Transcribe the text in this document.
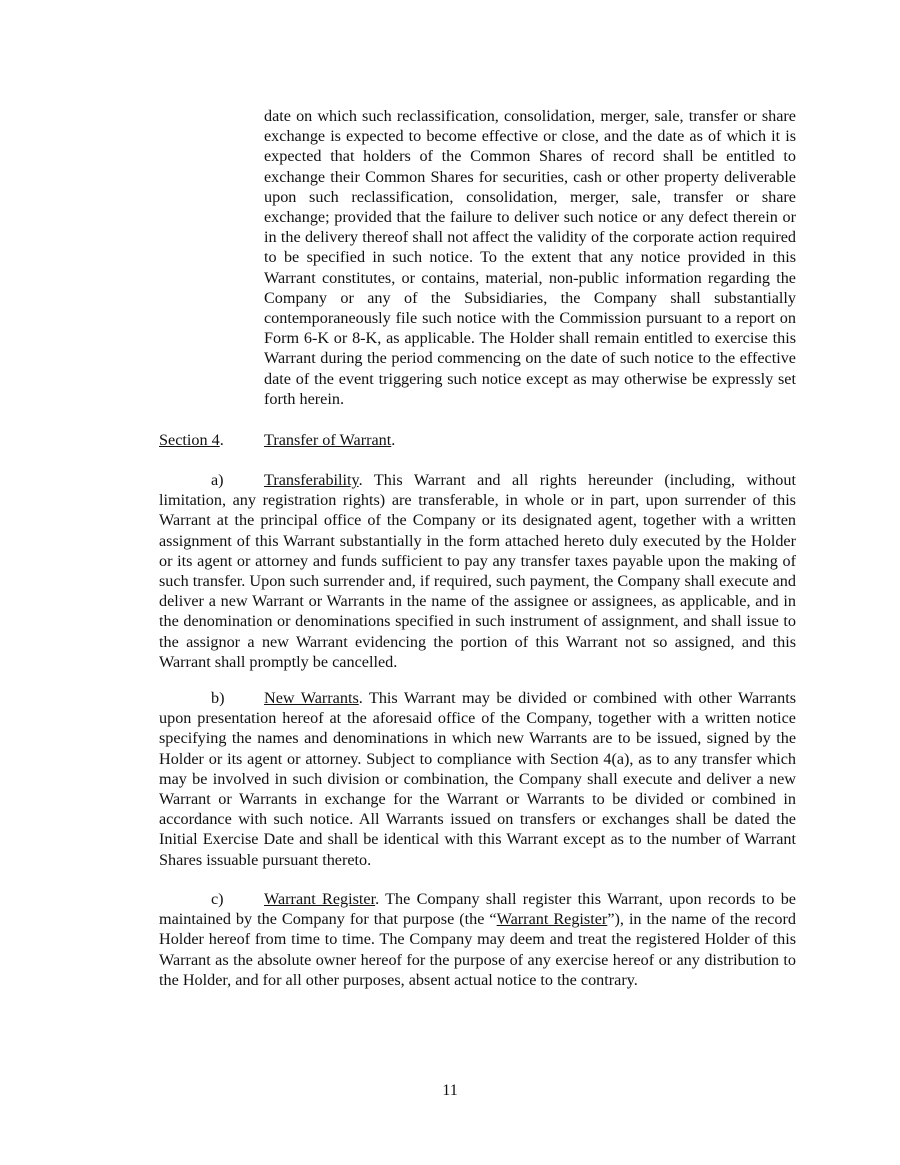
date on which such reclassification, consolidation, merger, sale, transfer or share exchange is expected to become effective or close, and the date as of which it is expected that holders of the Common Shares of record shall be entitled to exchange their Common Shares for securities, cash or other property deliverable upon such reclassification, consolidation, merger, sale, transfer or share exchange; provided that the failure to deliver such notice or any defect therein or in the delivery thereof shall not affect the validity of the corporate action required to be specified in such notice. To the extent that any notice provided in this Warrant constitutes, or contains, material, non-public information regarding the Company or any of the Subsidiaries, the Company shall substantially contemporaneously file such notice with the Commission pursuant to a report on Form 6-K or 8-K, as applicable. The Holder shall remain entitled to exercise this Warrant during the period commencing on the date of such notice to the effective date of the event triggering such notice except as may otherwise be expressly set forth herein.

Section 4. Transfer of Warrant.

a) Transferability. This Warrant and all rights hereunder (including, without limitation, any registration rights) are transferable, in whole or in part, upon surrender of this Warrant at the principal office of the Company or its designated agent, together with a written assignment of this Warrant substantially in the form attached hereto duly executed by the Holder or its agent or attorney and funds sufficient to pay any transfer taxes payable upon the making of such transfer. Upon such surrender and, if required, such payment, the Company shall execute and deliver a new Warrant or Warrants in the name of the assignee or assignees, as applicable, and in the denomination or denominations specified in such instrument of assignment, and shall issue to the assignor a new Warrant evidencing the portion of this Warrant not so assigned, and this Warrant shall promptly be cancelled.

b) New Warrants. This Warrant may be divided or combined with other Warrants upon presentation hereof at the aforesaid office of the Company, together with a written notice specifying the names and denominations in which new Warrants are to be issued, signed by the Holder or its agent or attorney. Subject to compliance with Section 4(a), as to any transfer which may be involved in such division or combination, the Company shall execute and deliver a new Warrant or Warrants in exchange for the Warrant or Warrants to be divided or combined in accordance with such notice. All Warrants issued on transfers or exchanges shall be dated the Initial Exercise Date and shall be identical with this Warrant except as to the number of Warrant Shares issuable pursuant thereto.

c) Warrant Register. The Company shall register this Warrant, upon records to be maintained by the Company for that purpose (the “Warrant Register”), in the name of the record Holder hereof from time to time. The Company may deem and treat the registered Holder of this Warrant as the absolute owner hereof for the purpose of any exercise hereof or any distribution to the Holder, and for all other purposes, absent actual notice to the contrary.

11
